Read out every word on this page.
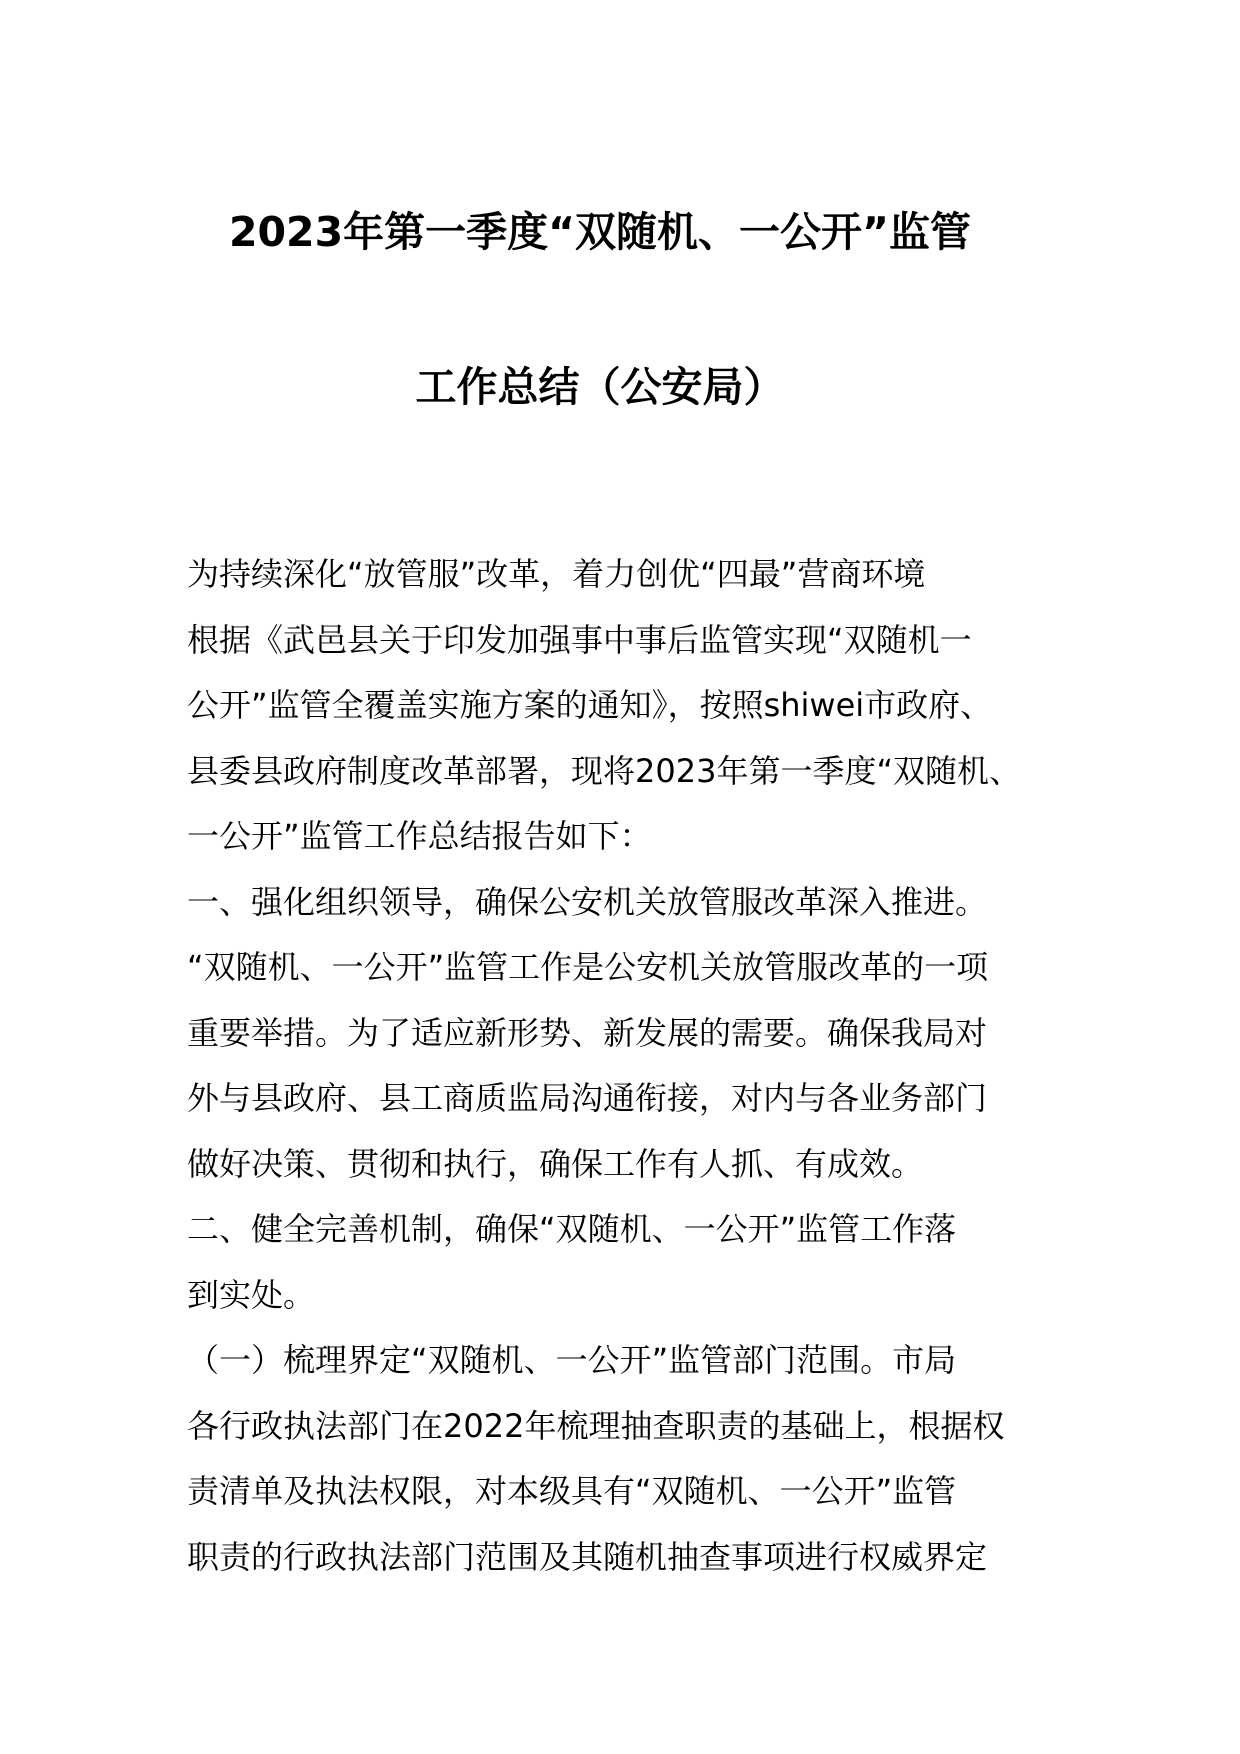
2023年第一季度“双随机、一公开”监管
工作总结（公安局）
为持续深化“放管服”改革，着力创优“四最”营商环境
根据《武邑县关于印发加强事中事后监管实现“双随机一
公开”监管全覆盖实施方案的通知》，按照shiwei市政府、
县委县政府制度改革部署，现将2023年第一季度“双随机、
一公开”监管工作总结报告如下：
一、强化组织领导，确保公安机关放管服改革深入推进。
“双随机、一公开”监管工作是公安机关放管服改革的一项
重要举措。为了适应新形势、新发展的需要。确保我局对
外与县政府、县工商质监局沟通衔接，对内与各业务部门
做好决策、贯彻和执行，确保工作有人抓、有成效。
二、健全完善机制，确保“双随机、一公开”监管工作落
到实处。
（一）梳理界定“双随机、一公开”监管部门范围。市局
各行政执法部门在2022年梳理抽查职责的基础上，根据权
责清单及执法权限，对本级具有“双随机、一公开”监管
职责的行政执法部门范围及其随机抽查事项进行权威界定
